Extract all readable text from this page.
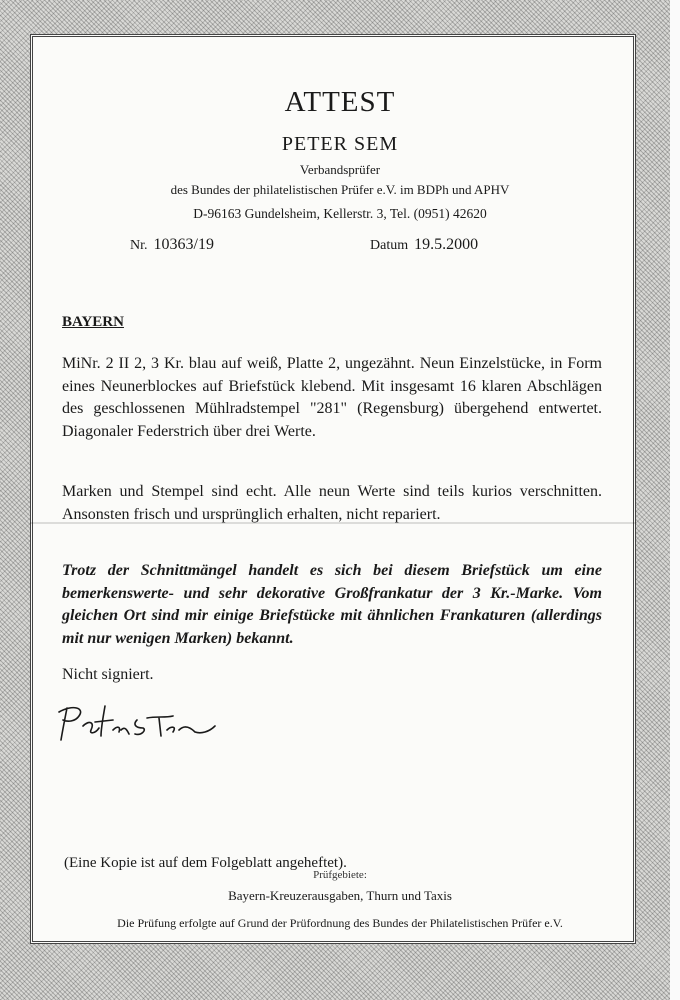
ATTEST
PETER SEM
Verbandsprüfer
des Bundes der philatelistischen Prüfer e.V. im BDPh und APHV
D-96163 Gundelsheim, Kellerstr. 3, Tel. (0951) 42620
Nr. 10363/19	Datum 19.5.2000
BAYERN

MiNr. 2 II 2, 3 Kr. blau auf weiß, Platte 2, ungezähnt. Neun Einzelstücke, in Form eines Neunerblockes auf Briefstück klebend. Mit insgesamt 16 klaren Abschlägen des geschlossenen Mühlradstempel "281" (Regensburg) übergehend entwertet. Diagonaler Federstrich über drei Werte.

Marken und Stempel sind echt. Alle neun Werte sind teils kurios verschnitten. Ansonsten frisch und ursprünglich erhalten, nicht repariert.

Trotz der Schnittmängel handelt es sich bei diesem Briefstück um eine bemerkenswerte- und sehr dekorative Großfrankatur der 3 Kr.-Marke. Vom gleichen Ort sind mir einige Briefstücke mit ähnlichen Frankaturen (allerdings mit nur wenigen Marken) bekannt.

Nicht signiert.
(Eine Kopie ist auf dem Folgeblatt angeheftet).
Prüfgebiete:
Bayern-Kreuzerausgaben, Thurn und Taxis
Die Prüfung erfolgte auf Grund der Prüfordnung des Bundes der Philatelistischen Prüfer e.V.
